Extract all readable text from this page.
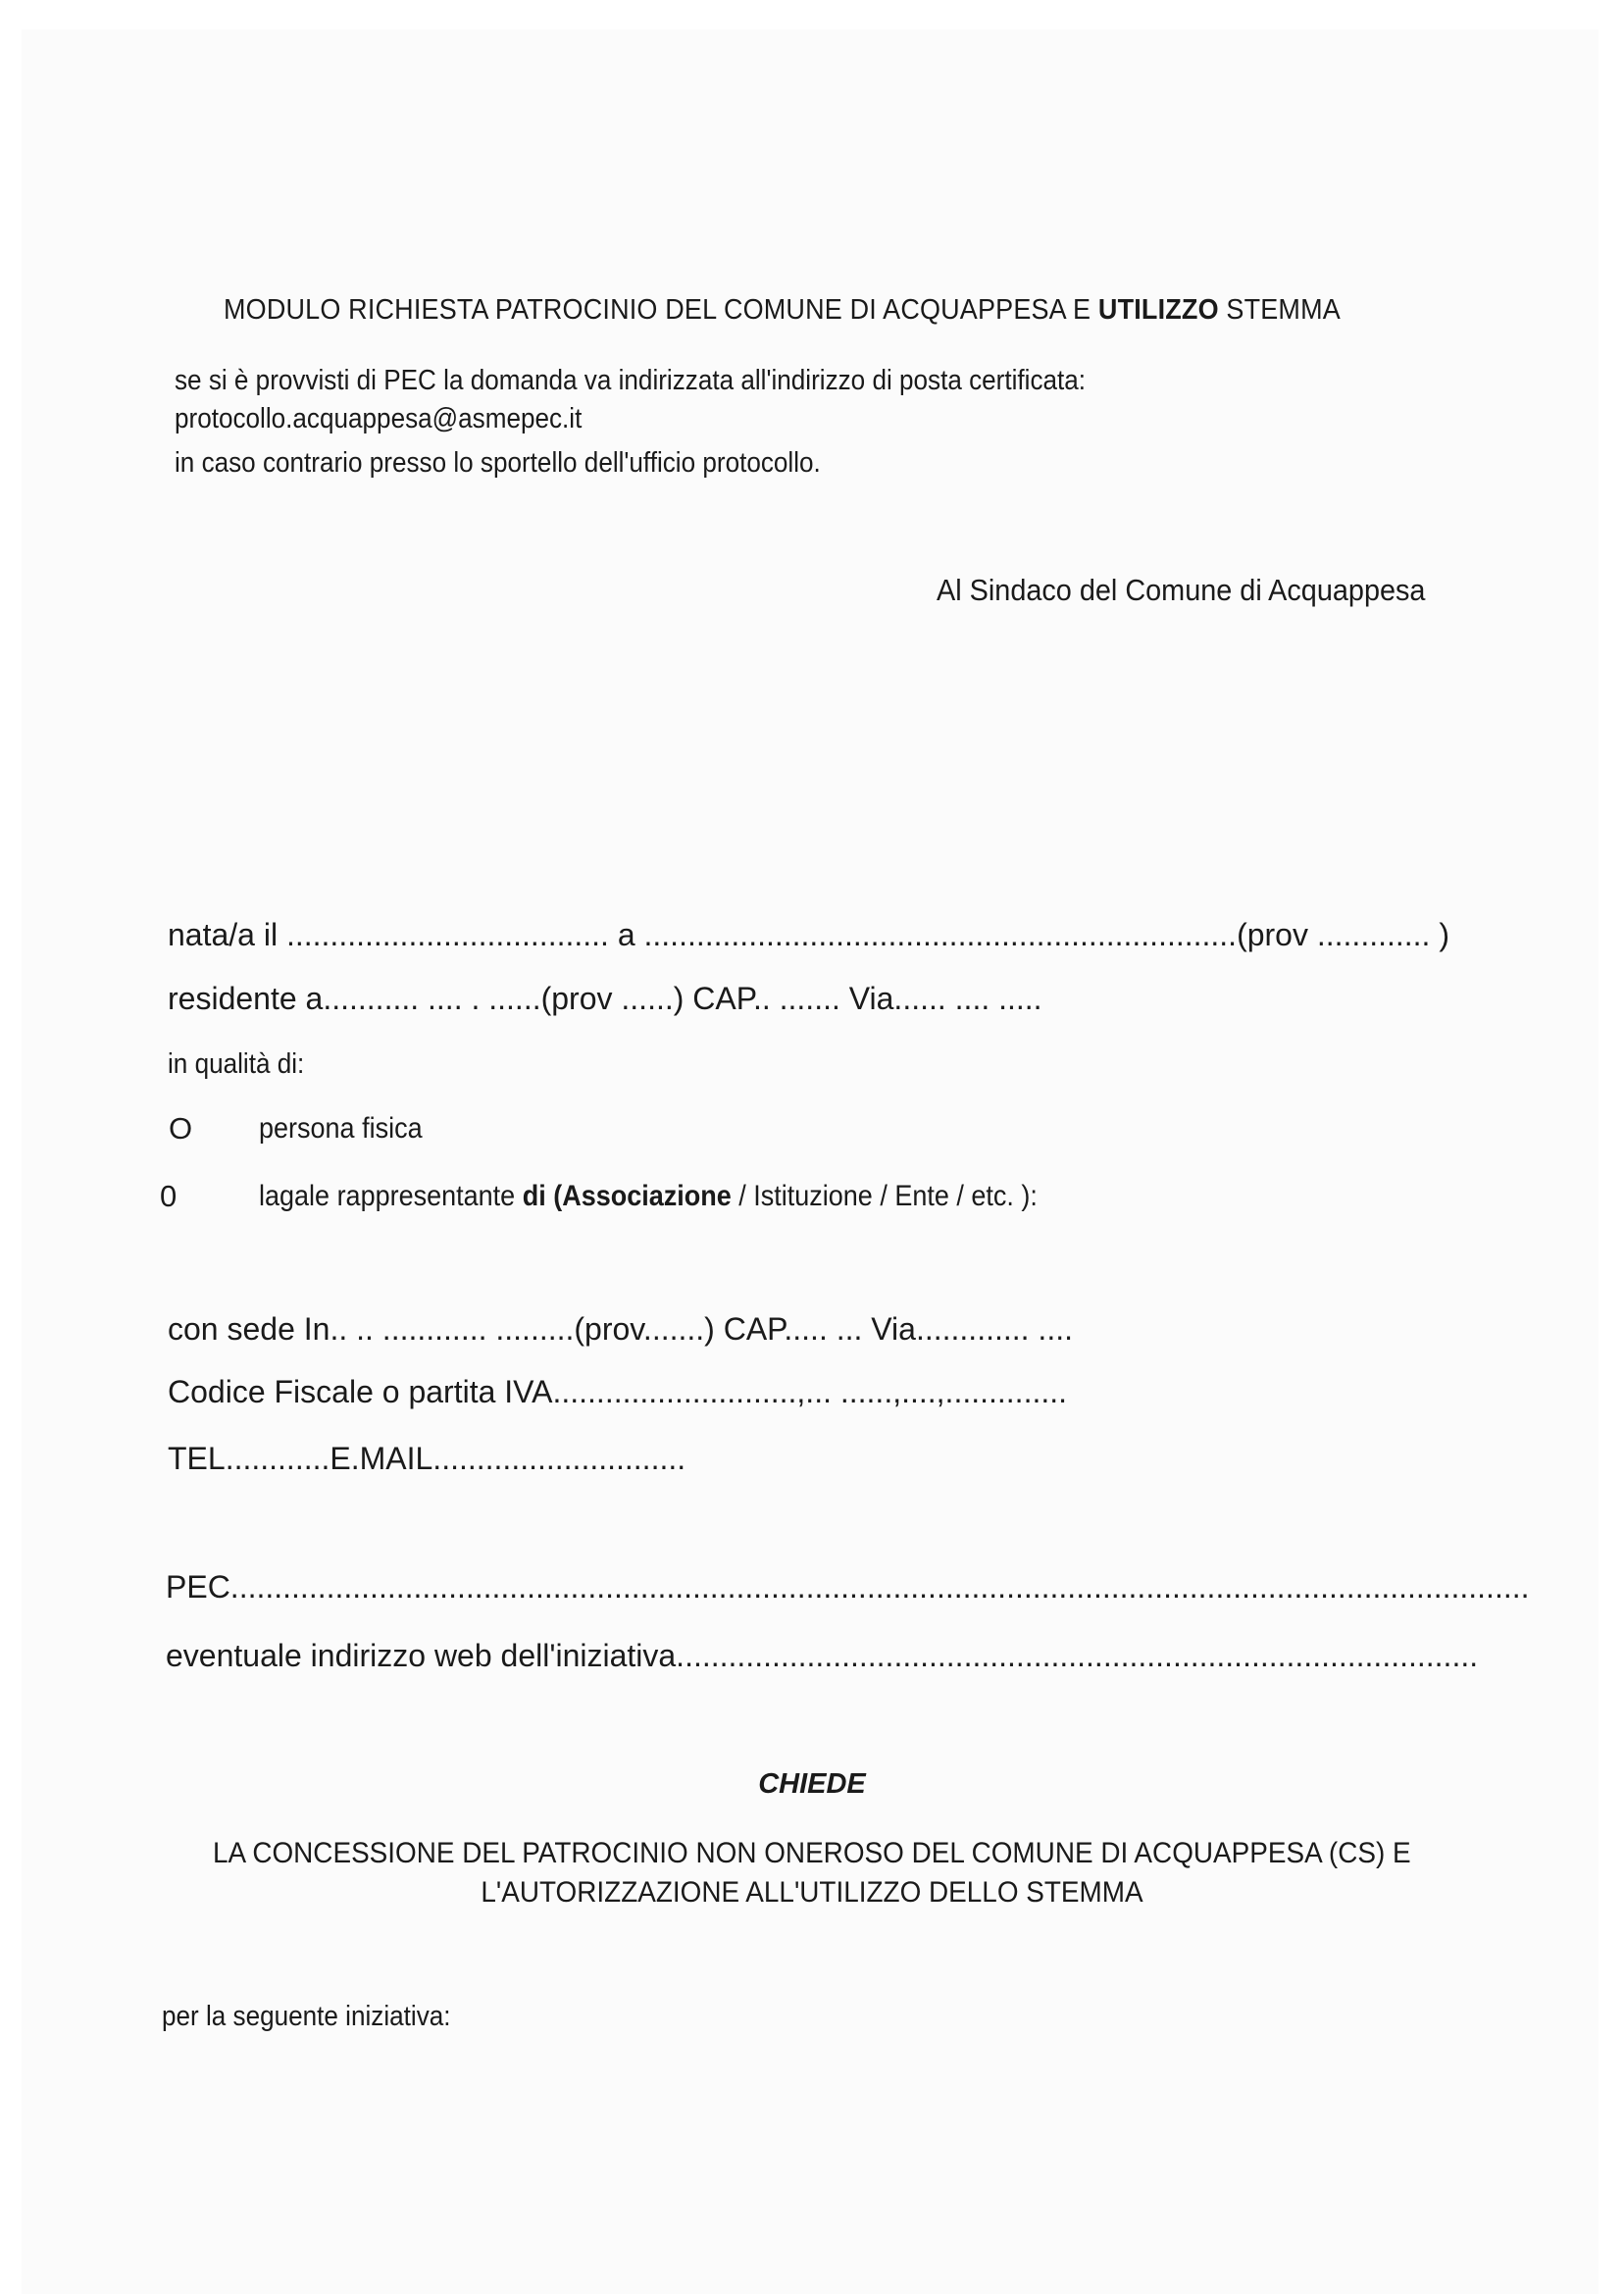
MODULO RICHIESTA PATROCINIO DEL COMUNE DI ACQUAPPESA E UTILIZZO STEMMA

se si è provvisti di PEC la domanda va indirizzata all'indirizzo di posta certificata:

protocollo.acquappesa@asmepec.it

in caso contrario presso lo sportello dell'ufficio protocollo.

Al Sindaco del Comune di Acquappesa

nata/a il ..................................... a ....................................................................(prov ............. )

residente a........... .... . ......(prov ......) CAP.. ....... Via...... .... .....

in qualità di:

O persona fisica

0	lagale rappresentante di (Associazione / Istituzione / Ente / etc. ):

con sede In.. .. ............ .........(prov.......) CAP..... ... Via............. ....

Codice Fiscale o partita IVA............................,... ......,....,..............

TEL............E.MAIL.............................

PEC.....................................................................................................................................................

eventuale indirizzo web dell'iniziativa............................................................................................

CHIEDE

LA CONCESSIONE DEL PATROCINIO NON ONEROSO DEL COMUNE DI ACQUAPPESA (CS) E

L'AUTORIZZAZIONE ALL'UTILIZZO DELLO STEMMA

per la seguente iniziativa:
